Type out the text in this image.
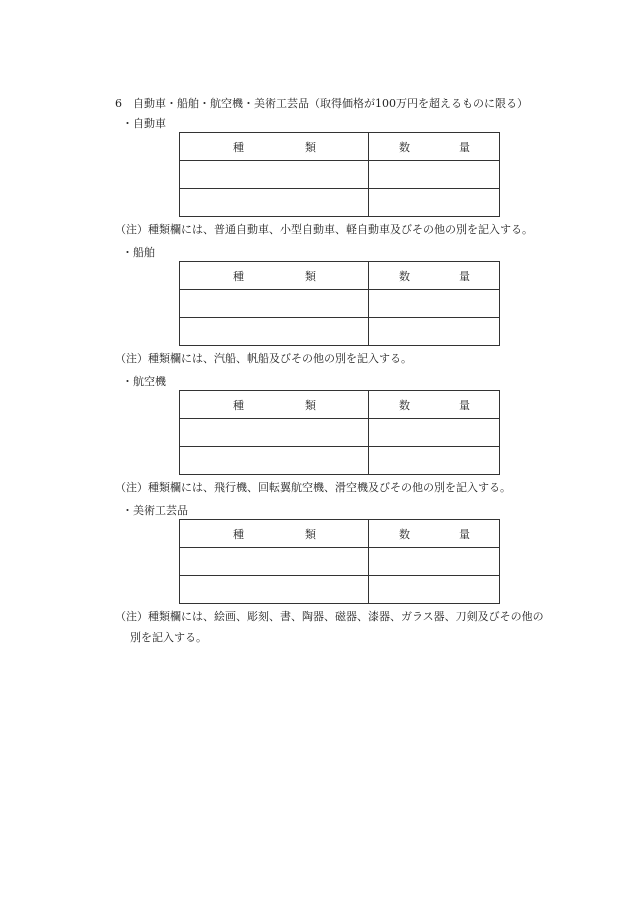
6 自動車・船舶・航空機・美術工芸品（取得価格が100万円を超えるものに限る）
・自動車
種 類	数 量

（注）種類欄には、普通自動車、小型自動車、軽自動車及びその他の別を記入する。
・船舶
種 類	数 量

（注）種類欄には、汽船、帆船及びその他の別を記入する。
・航空機
種 類	数 量

（注）種類欄には、飛行機、回転翼航空機、滑空機及びその他の別を記入する。
・美術工芸品
種 類	数 量

（注）種類欄には、絵画、彫刻、書、陶器、磁器、漆器、ガラス器、刀剣及びその他の
別を記入する。
